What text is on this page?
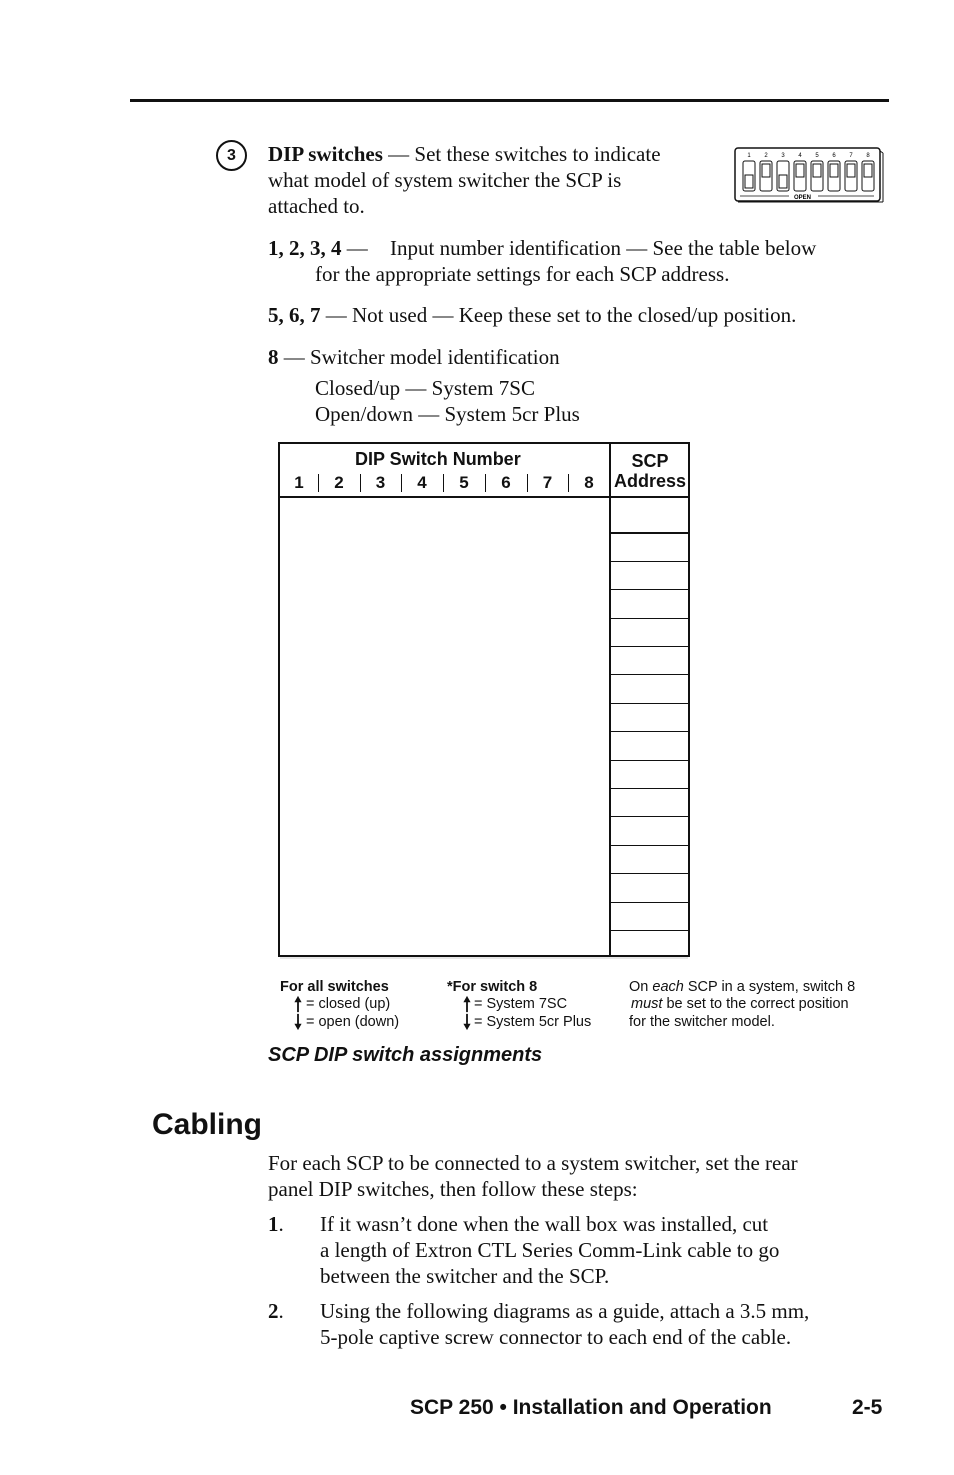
3	DIP switches — Set these switches to indicate
what model of system switcher the SCP is
attached to.
1 2 3 4 5 6 7 8
OPEN
1, 2, 3, 4 — Input number identification — See the table below
for the appropriate settings for each SCP address.
5, 6, 7 — Not used — Keep these set to the closed/up position.
8 — Switcher model identification
Closed/up — System 7SC
Open/down — System 5cr Plus
DIP Switch Number	SCP
Address
1	2	3	4	5	6	7	8
For all switches
= closed (up)
= open (down)
*For switch 8
= System 7SC
= System 5cr Plus
On each SCP in a system, switch 8
must be set to the correct position
for the switcher model.
SCP DIP switch assignments
Cabling
For each SCP to be connected to a system switcher, set the rear
panel DIP switches, then follow these steps:
1. If it wasn’t done when the wall box was installed, cut
a length of Extron CTL Series Comm-Link cable to go
between the switcher and the SCP.
2. Using the following diagrams as a guide, attach a 3.5 mm,
5-pole captive screw connector to each end of the cable.
SCP 250 • Installation and Operation	2-5
